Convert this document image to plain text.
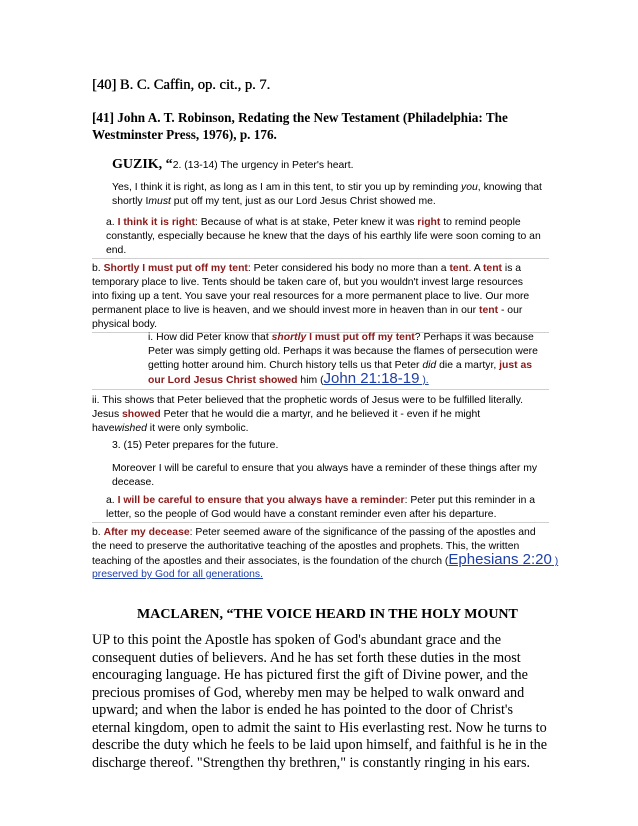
[40] B. C. Caffin, op. cit., p. 7.
[41] John A. T. Robinson, Redating the New Testament (Philadelphia: The
Westminster Press, 1976), p. 176.
GUZIK, “2. (13-14) The urgency in Peter's heart.
Yes, I think it is right, as long as I am in this tent, to stir you up by reminding you, knowing that
shortly Imust put off my tent, just as our Lord Jesus Christ showed me.
a. I think it is right: Because of what is at stake, Peter knew it was right to remind people
constantly, especially because he knew that the days of his earthly life were soon coming to an
end.
b. Shortly I must put off my tent: Peter considered his body no more than a tent. A tent is a
temporary place to live. Tents should be taken care of, but you wouldn't invest large resources
into fixing up a tent. You save your real resources for a more permanent place to live. Our more
permanent place to live is heaven, and we should invest more in heaven than in our tent - our
physical body.
i. How did Peter know that shortly I must put off my tent? Perhaps it was because
Peter was simply getting old. Perhaps it was because the flames of persecution were
getting hotter around him. Church history tells us that Peter did die a martyr, just as
our Lord Jesus Christ showed him (John 21:18-19 ).
ii. This shows that Peter believed that the prophetic words of Jesus were to be fulfilled literally.
Jesus showed Peter that he would die a martyr, and he believed it - even if he might
havewished it were only symbolic.
3. (15) Peter prepares for the future.
Moreover I will be careful to ensure that you always have a reminder of these things after my
decease.
a. I will be careful to ensure that you always have a reminder: Peter put this reminder in a
letter, so the people of God would have a constant reminder even after his departure.
b. After my decease: Peter seemed aware of the significance of the passing of the apostles and
the need to preserve the authoritative teaching of the apostles and prophets. This, the written
teaching of the apostles and their associates, is the foundation of the church (Ephesians 2:20 )
preserved by God for all generations.
MACLAREN, “THE VOICE HEARD IN THE HOLY MOUNT
UP to this point the Apostle has spoken of God's abundant grace and the
consequent duties of believers. And he has set forth these duties in the most
encouraging language. He has pictured first the gift of Divine power, and the
precious promises of God, whereby men may be helped to walk onward and
upward; and when the labor is ended he has pointed to the door of Christ's
eternal kingdom, open to admit the saint to His everlasting rest. Now he turns to
describe the duty which he feels to be laid upon himself, and faithful is he in the
discharge thereof. "Strengthen thy brethren," is constantly ringing in his ears.
